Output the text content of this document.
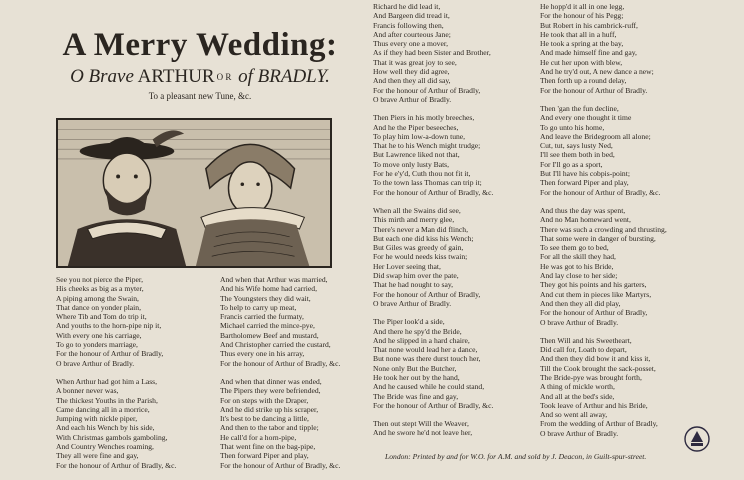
A Merry Wedding:
O Brave ARTHUR $^{O R}$ of BRADLY.
To a pleasant new Tune, &c.

See you not pierce the Piper,

His cheeks as big as a myter,

A piping among the Swain,

That dance on yonder plain,

Where Tib and Tom do trip it,

And youths to the horn-pipe nip it,

With every one his carriage,

To go to yonders marriage,

For the honour of Arthur of Bradly,

O brave Arthur of Bradly.

When Arthur had got him a Lass,

A bonner never was,

The thickest Youths in the Parish,

Came dancing all in a morrice,

Jumping with nickle piper,

And each his Wench by his side,

With Christmas gambols gamboling,

And Country Wenches roaming,

They all were fine and gay,

For the honour of Arthur of Bradly, &c.

And when that Arthur was married,

And his Wife home had carried,

The Youngsters they did wait,

To help to carry up meat,

Francis carried the furmaty,

Michael carried the mince-pye,

Bartholomew Beef and mustard,

And Christopher carried the custard,

Thus every one in his array,

For the honour of Arthur of Bradly, &c.

And when that dinner was ended,

The Pipers they were befriended,

For on steps with the Draper,

And he did strike up his scraper,

It's best to be dancing a little,

And then to the tabor and tipple;

He call'd for a horn-pipe,

That went fine on the bag-pipe,

Then forward Piper and play,

For the honour of Arthur of Bradly, &c.

Richard he did lead it,

And Bargeen did tread it,

Francis following then,

And after courteous Jane;

Thus every one a mover,

As if they had been Sister and Brother,

That it was great joy to see,

How well they did agree,

And then they all did say,

For the honour of Arthur of Bradly,

O brave Arthur of Bradly.

Then Piers in his motly breeches,

And he the Piper beseeches,

To play him low-a-down tune,

That he to his Wench might trudge;

But Lawrence liked not that,

To move only lusty Bats,

For he e'y'd, Cuth thou not fit it,

To the town lass Thomas can trip it;

For the honour of Arthur of Bradly, &c.

When all the Swains did see,

This mirth and merry glee,

There's never a Man did flinch,

But each one did kiss his Wench;

But Giles was greedy of gain,

For he would needs kiss twain;

Her Lover seeing that,

Did swap him over the pate,

That he had nought to say,

For the honour of Arthur of Bradly,

O brave Arthur of Bradly.

The Piper look'd a side,

And there he spy'd the Bride,

And he slipped in a hard chaire,

That none would lead her a dance,

But none was there durst touch her,

None only But the Butcher,

He took her out by the hand,

And he caused while he could stand,

The Bride was fine and gay,

For the honour of Arthur of Bradly, &c.

Then out stept Will the Weaver,

And he swore he'd not leave her,

He hopp'd it all in one legg,

For the honour of his Pegg;

But Robert in his cambrick-ruff,

He took that all in a huff,

He took a spring at the bay,

And made himself fine and gay,

He cut her upon with blew,

And he try'd out, A new dance a new;

Then forth up a round delay,

For the honour of Arthur of Bradly.

Then 'gan the fun decline,

And every one thought it time

To go unto his home,

And leave the Bridegroom all alone;

Cut, tut, says lusty Ned,

I'll see them both in bed,

For I'll go as a sport,

But I'll have his cobpis-point;

Then forward Piper and play,

For the honour of Arthur of Bradly, &c.

And thus the day was spent,

And no Man homeward went,

There was such a crowding and thrusting,

That some were in danger of bursting,

To see them go to bed,

For all the skill they had,

He was got to his Bride,

And lay close to her side;

They got his points and his garters,

And cut them in pieces like Martyrs,

And then they all did play,

For the honour of Arthur of Bradly,

O brave Arthur of Bradly.

Then Will and his Sweetheart,

Did call for, Loath to depart,

And then they did bow it and kiss it,

Till the Cook brought the sack-posset,

The Bride-pye was brought forth,

A thing of mickle worth,

And all at the bed's side,

Took leave of Arthur and his Bride,

And so went all away,

From the wedding of Arthur of Bradly,

O brave Arthur of Bradly.

London: Printed by and for W.O. for A.M. and sold by J. Deacon, in Guilt-spur-street.
